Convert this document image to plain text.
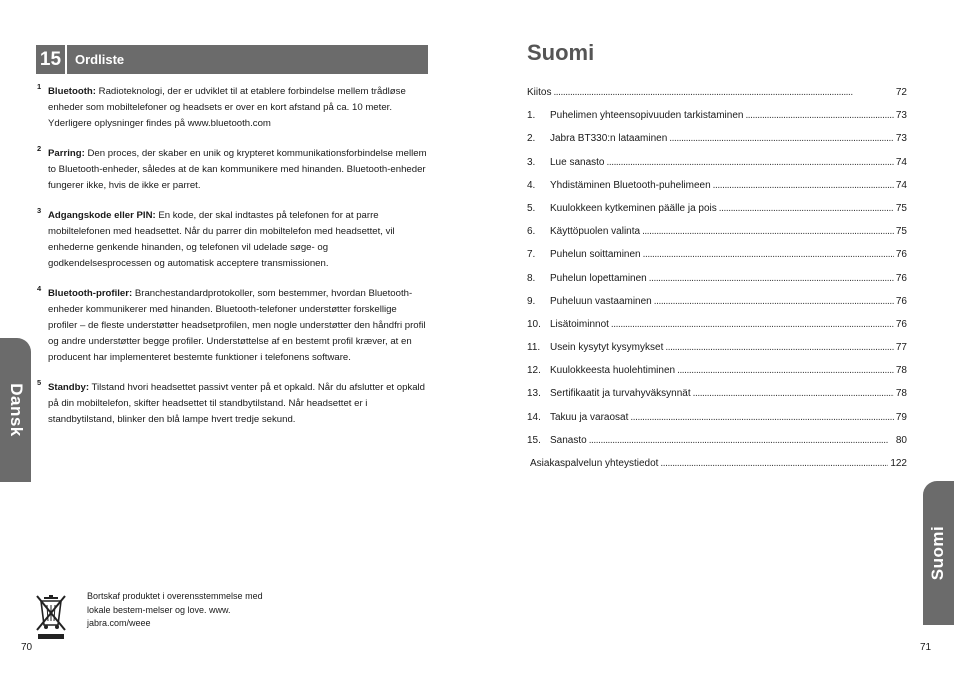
15	Ordliste
1 Bluetooth: Radioteknologi, der er udviklet til at etablere forbindelse mellem trådløse enheder som mobiltelefoner og headsets er over en kort afstand på ca. 10 meter. Yderligere oplysninger findes på www.bluetooth.com
2 Parring: Den proces, der skaber en unik og krypteret kommunikationsforbindelse mellem to Bluetooth-enheder, således at de kan kommunikere med hinanden. Bluetooth-enheder fungerer ikke, hvis de ikke er parret.
3 Adgangskode eller PIN: En kode, der skal indtastes på telefonen for at parre mobiltelefonen med headsettet. Når du parrer din mobiltelefon med headsettet, vil enhederne genkende hinanden, og telefonen vil udelade søge- og godkendelsesprocessen og automatisk acceptere transmissionen.
4 Bluetooth-profiler: Branchestandardprotokoller, som bestemmer, hvordan Bluetooth-enheder kommunikerer med hinanden. Bluetooth-telefoner understøtter forskellige profiler – de fleste understøtter headsetprofilen, men nogle understøtter den håndfri profil og andre understøtter begge profiler. Understøttelse af en bestemt profil kræver, at en producent har implementeret bestemte funktioner i telefonens software.
5 Standby: Tilstand hvori headsettet passivt venter på et opkald. Når du afslutter et opkald på din mobiltelefon, skifter headsettet til standbytilstand. Når headsettet er i standbytilstand, blinker den blå lampe hvert tredje sekund.
Dansk
Bortskaf produktet i overensstemmelse med lokale bestem-melser og love. www. jabra.com/weee
70
Suomi
Kiitos . . .	72
1.	Puhelimen yhteensopivuuden tarkistaminen . . .	73
2.	Jabra BT330:n lataaminen . . .	73
3.	Lue sanasto . . .	74
4.	Yhdistäminen Bluetooth-puhelimeen . . .	74
5.	Kuulokkeen kytkeminen päälle ja pois . . .	75
6.	Käyttöpuolen valinta . . .	75
7.	Puhelun soittaminen . . .	76
8.	Puhelun lopettaminen . . .	76
9.	Puheluun vastaaminen . . .	76
10. Lisätoiminnot . . .	76
11. Usein kysytyt kysymykset . . .	77
12. Kuulokkeesta huolehtiminen . . .	78
13. Sertifikaatit ja turvahyväksynnät . . .	78
14. Takuu ja varaosat . . .	79
15. Sanasto . . .	80
Asiakaspalvelun yhteystiedot . . .	122
Suomi
71
